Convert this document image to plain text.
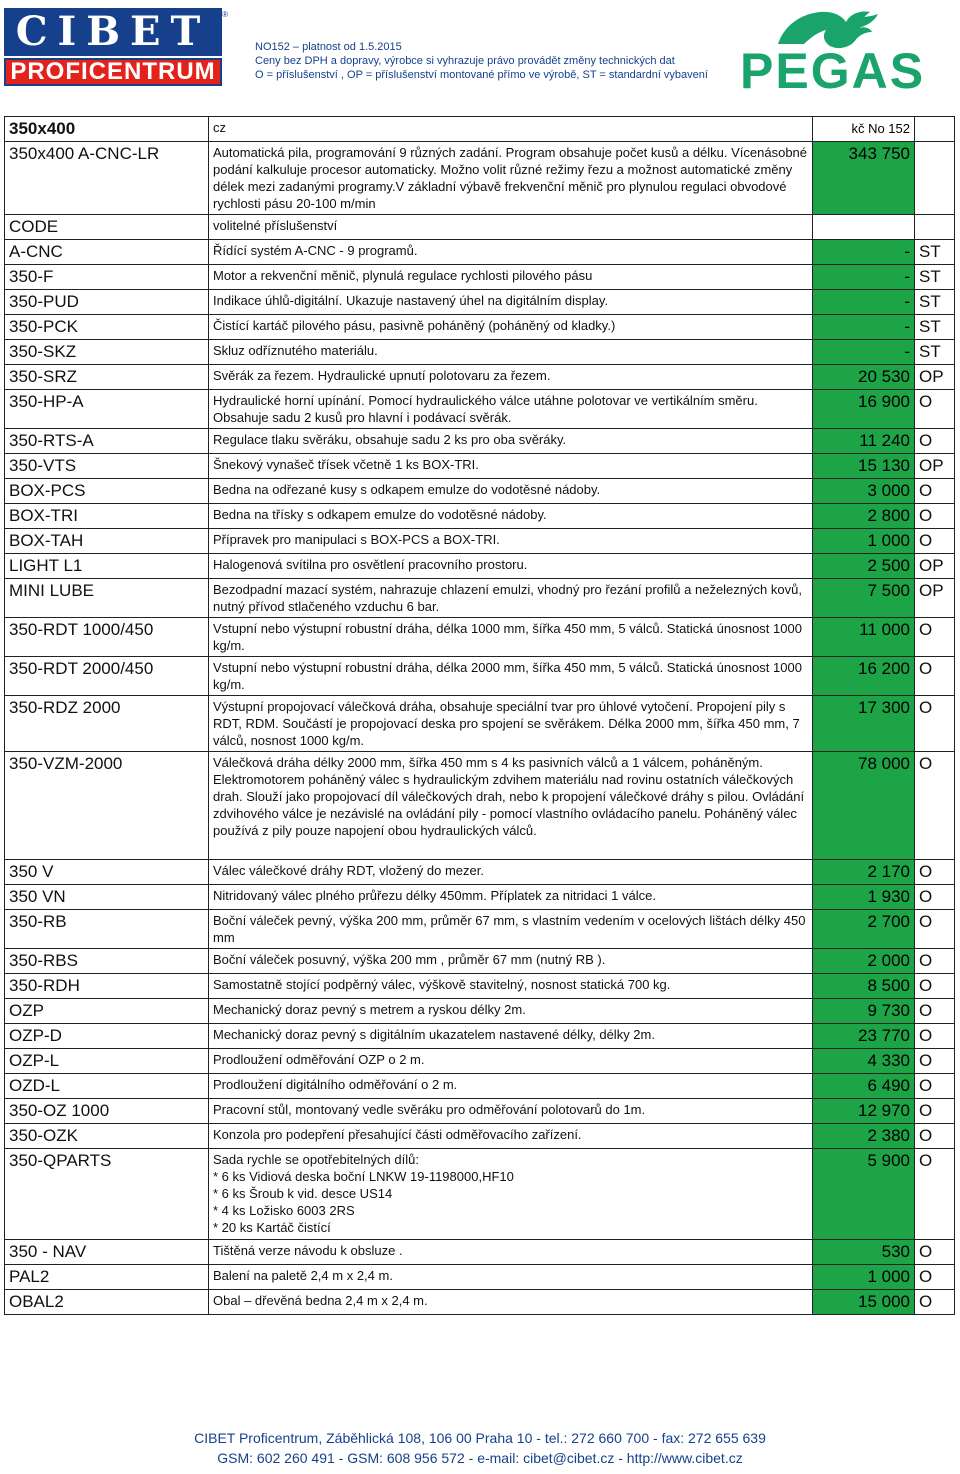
CIBET ®
PROFICENTRUM
NO152 – platnost od 1.5.2015
Ceny bez DPH a dopravy, výrobce si vyhrazuje právo provádět změny technických dat
O = příslušenství , OP = příslušenství montované přímo ve výrobě, ST = standardní vybavení PEGAS
350x400	cz	kč No 152	
350x400 A-CNC-LR	Automatická pila, programování 9 různých zadání. Program obsahuje počet kusů a délku. Vícenásobné podání kalkuluje procesor automaticky. Možno volit různé režimy řezu a možnost automatické změny délek mezi zadanými programy.V základní výbavě frekvenční měnič pro plynulou regulaci obvodové rychlosti pásu 20-100 m/min	343 750	
CODE	volitelné příslušenství		
A-CNC	Řídící systém A-CNC - 9 programů.	-	ST
350-F	Motor a rekvenční měnič, plynulá regulace rychlosti pilového pásu	-	ST
350-PUD	Indikace úhlů-digitální. Ukazuje nastavený úhel na digitálním display.	-	ST
350-PCK	Čistící kartáč pilového pásu, pasivně poháněný (poháněný od kladky.)	-	ST
350-SKZ	Skluz odříznutého materiálu.	-	ST
350-SRZ	Svěrák za řezem. Hydraulické upnutí polotovaru za řezem.	20 530	OP
350-HP-A	Hydraulické horní upínání. Pomocí hydraulického válce utáhne polotovar ve vertikálním směru. Obsahuje sadu 2 kusů pro hlavní i podávací svěrák.	16 900	O
350-RTS-A	Regulace tlaku svěráku, obsahuje sadu 2 ks pro oba svěráky.	11 240	O
350-VTS	Šnekový vynašeč třísek včetně 1 ks BOX-TRI.	15 130	OP
BOX-PCS	Bedna na odřezané kusy s odkapem emulze do vodotěsné nádoby.	3 000	O
BOX-TRI	Bedna na třísky s odkapem emulze do vodotěsné nádoby.	2 800	O
BOX-TAH	Přípravek pro manipulaci s BOX-PCS a BOX-TRI.	1 000	O
LIGHT L1	Halogenová svítilna pro osvětlení pracovního prostoru.	2 500	OP
MINI LUBE	Bezodpadní mazací systém, nahrazuje chlazení emulzi, vhodný pro řezání profilů a neželezných kovů, nutný přívod stlačeného vzduchu 6 bar.	7 500	OP
350-RDT 1000/450	Vstupní nebo výstupní robustní dráha, délka 1000 mm, šířka 450 mm, 5 válců. Statická únosnost 1000 kg/m.	11 000	O
350-RDT 2000/450	Vstupní nebo výstupní robustní dráha, délka 2000 mm, šířka 450 mm, 5 válců. Statická únosnost 1000 kg/m.	16 200	O
350-RDZ 2000	Výstupní propojovací válečková dráha, obsahuje speciální tvar pro úhlové vytočení. Propojení pily s RDT, RDM. Součástí je propojovací deska pro spojení se svěrákem. Délka 2000 mm, šířka 450 mm, 7 válců, nosnost 1000 kg/m.	17 300	O
350-VZM-2000	Válečková dráha délky 2000 mm, šířka 450 mm s 4 ks pasivních válců a 1 válcem, poháněným. Elektromotorem poháněný válec s hydraulickým zdvihem materiálu nad rovinu ostatních válečkových drah. Slouží jako propojovací díl válečkových drah, nebo k propojení válečkové dráhy s pilou. Ovládání zdvihového válce je nezávislé na ovládání pily - pomocí vlastního ovládacího panelu. Poháněný válec používá z pily pouze napojení obou hydraulických válců.	78 000	O
350 V	Válec válečkové dráhy RDT, vložený do mezer.	2 170	O
350 VN	Nitridovaný válec plného průřezu délky 450mm. Příplatek za nitridaci 1 válce.	1 930	O
350-RB	Boční váleček pevný, výška 200 mm, průměr 67 mm, s vlastním vedením v ocelových lištách délky 450 mm	2 700	O
350-RBS	Boční váleček posuvný, výška 200 mm , průměr 67 mm (nutný RB ).	2 000	O
350-RDH	Samostatně stojící podpěrný válec, výškově stavitelný, nosnost statická 700 kg.	8 500	O
OZP	Mechanický doraz pevný s metrem a ryskou délky 2m.	9 730	O
OZP-D	Mechanický doraz pevný s digitálním ukazatelem nastavené délky, délky 2m.	23 770	O
OZP-L	Prodloužení odměřování OZP o 2 m.	4 330	O
OZD-L	Prodloužení digitálního odměřování o 2 m.	6 490	O
350-OZ 1000	Pracovní stůl, montovaný vedle svěráku pro odměřování polotovarů do 1m.	12 970	O
350-OZK	Konzola pro podepření přesahující části odměřovacího zařízení.	2 380	O
350-QPARTS	Sada rychle se opotřebitelných dílů:
* 6 ks Vidiová deska boční LNKW 19-1198000,HF10
* 6 ks Šroub k vid. desce US14
* 4 ks Ložisko 6003 2RS
* 20 ks Kartáč čistící	5 900	O
350 - NAV	Tištěná verze návodu k obsluze .	530	O
PAL2	Balení na paletě 2,4 m x 2,4 m.	1 000	O
OBAL2	Obal – dřevěná bedna 2,4 m x 2,4 m.	15 000	O
CIBET Proficentrum, Záběhlická 108, 106 00 Praha 10 - tel.: 272 660 700 - fax: 272 655 639
GSM: 602 260 491 - GSM: 608 956 572 - e-mail: cibet@cibet.cz - http://www.cibet.cz
